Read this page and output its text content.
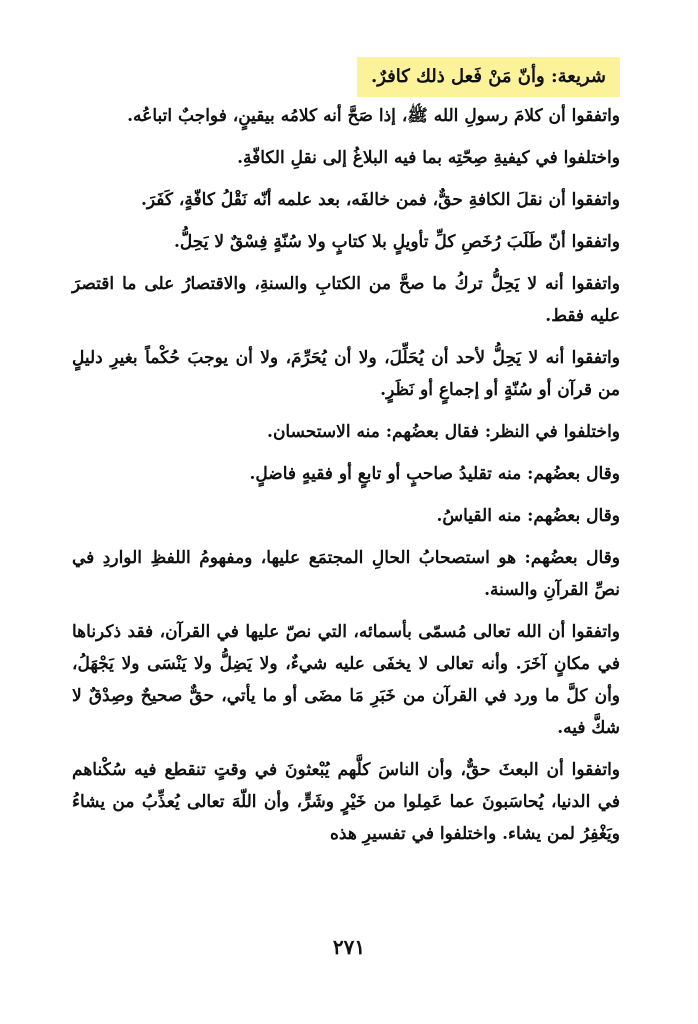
شريعة: وأنّ مَنْ فَعل ذلك كافرٌ.

واتفقوا أن كلامَ رسولِ الله ﷺ، إذا صَحَّ أنه كلامُه بيقينٍ، فواجبٌ اتباعُه.

واختلفوا في كيفيةِ صِحّتِه بما فيه البلاغُ إلى نقلِ الكافّةِ.

واتفقوا أن نقلَ الكافةِ حقٌّ، فمن خالفَه، بعد علمه أنّه نَقْلُ كافّةٍ، كَفَرَ.

واتفقوا أنّ طَلَبَ رُخَصِ كلِّ تأويلٍ بلا كتابٍ ولا سُنّةٍ فِسْقٌ لا يَحِلُّ.

واتفقوا أنه لا يَحِلُّ تركُ ما صحَّ من الكتابِ والسنةِ، والاقتصارُ على ما اقتصرَ عليه فقط.

واتفقوا أنه لا يَحِلُّ لأحد أن يُحَلِّلَ، ولا أن يُحَرِّمَ، ولا أن يوجبَ حُكْماً بغيرِ دليلٍ من قرآن أو سُنّةٍ أو إجماعٍ أو نَظَرٍ.

واختلفوا في النظر: فقال بعضُهم: منه الاستحسان.

وقال بعضُهم: منه تقليدُ صاحبٍ أو تابعٍ أو فقيهٍ فاضلٍ.

وقال بعضُهم: منه القياسُ.

وقال بعضُهم: هو استصحابُ الحالِ المجتمَع عليها، ومفهومُ اللفظِ الواردِ في نصِّ القرآنِ والسنة.

واتفقوا أن الله تعالى مُسمّى بأسمائه، التي نصّ عليها في القرآن، فقد ذكرناها في مكانٍ آخَرَ. وأنه تعالى لا يخفَى عليه شيءٌ، ولا يَضِلُّ ولا يَنْسَى ولا يَجْهَلُ، وأن كلَّ ما ورد في القرآن من خَبَرِ مَا مضَى أو ما يأتي، حقٌّ صحيحٌ وصِدْقٌ لا شكَّ فيه.

واتفقوا أن البعثَ حقٌّ، وأن الناسَ كلَّهم يُبْعثونَ في وقتٍ تنقطع فيه سُكْناهم في الدنيا، يُحاسَبونَ عما عَمِلوا من خَيْرٍ وشَرٍّ، وأن اللّهَ تعالى يُعذِّبُ من يشاءُ ويَغْفِرُ لمن يشاء. واختلفوا في تفسيرِ هذه

٢٧١
